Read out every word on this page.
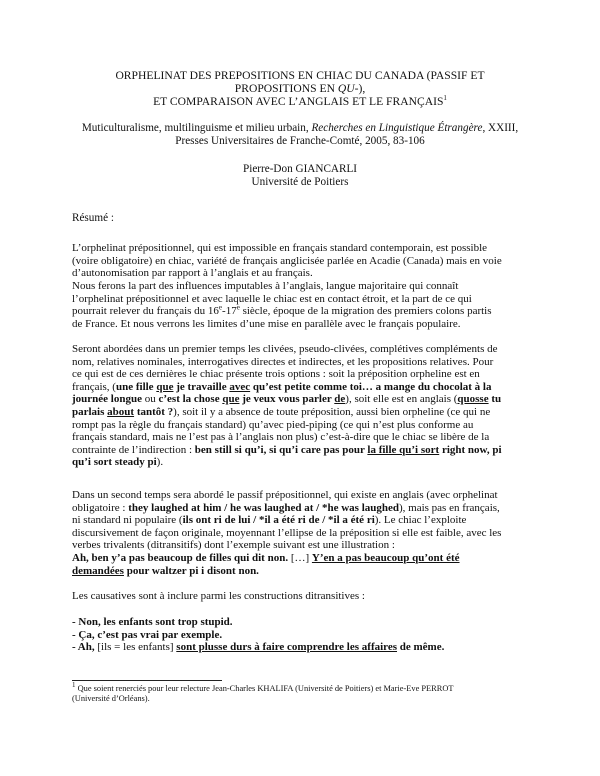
ORPHELINAT DES PREPOSITIONS EN CHIAC DU CANADA (PASSIF ET
PROPOSITIONS EN QU-),
ET COMPARAISON AVEC L’ANGLAIS ET LE FRANÇAIS$^1$
Muticulturalisme, multilinguisme et milieu urbain, Recherches en Linguistique Étrangère, XXIII,
Presses Universitaires de Franche-Comté, 2005, 83-106
Pierre-Don GIANCARLI
Université de Poitiers
Résumé :
L’orphelinat prépositionnel, qui est impossible en français standard contemporain, est possible
(voire obligatoire) en chiac, variété de français anglicisée parlée en Acadie (Canada) mais en voie
d’autonomisation par rapport à l’anglais et au français.
Nous ferons la part des influences imputables à l’anglais, langue majoritaire qui connaît
l’orphelinat prépositionnel et avec laquelle le chiac est en contact étroit, et la part de ce qui
pourrait relever du français du 16e-17e siècle, époque de la migration des premiers colons partis
de France. Et nous verrons les limites d’une mise en parallèle avec le français populaire.
Seront abordées dans un premier temps les clivées, pseudo-clivées, complétives compléments de
nom, relatives nominales, interrogatives directes et indirectes, et les propositions relatives. Pour
ce qui est de ces dernières le chiac présente trois options : soit la préposition orpheline est en
français, (une fille que je travaille avec qu’est petite comme toi… a mange du chocolat à la
journée longue ou c’est la chose que je veux vous parler de), soit elle est en anglais (quosse tu
parlais about tantôt ?), soit il y a absence de toute préposition, aussi bien orpheline (ce qui ne
rompt pas la règle du français standard) qu’avec pied-piping (ce qui n’est plus conforme au
français standard, mais ne l’est pas à l’anglais non plus) c’est-à-dire que le chiac se libère de la
contrainte de l’indirection : ben still si qu’i, si qu’i care pas pour la fille qu’i sort right now, pi
qu’i sort steady pi).
Dans un second temps sera abordé le passif prépositionnel, qui existe en anglais (avec orphelinat
obligatoire : they laughed at him / he was laughed at / *he was laughed), mais pas en français,
ni standard ni populaire (ils ont ri de lui / *il a été ri de / *il a été ri). Le chiac l’exploite
discursivement de façon originale, moyennant l’ellipse de la préposition si elle est faible, avec les
verbes trivalents (ditransitifs) dont l’exemple suivant est une illustration :
Ah, ben y’a pas beaucoup de filles qui dit non. […] Y’en a pas beaucoup qu’ont été
demandées pour waltzer pi i disont non.
Les causatives sont à inclure parmi les constructions ditransitives :
- Non, les enfants sont trop stupid.
- Ça, c’est pas vrai par exemple.
- Ah, [ils = les enfants] sont plusse durs à faire comprendre les affaires de même.
$^1$ Que soient renerciés pour leur relecture Jean-Charles KHALIFA (Université de Poitiers) et Marie-Eve PERROT
(Université d’Orléans).
